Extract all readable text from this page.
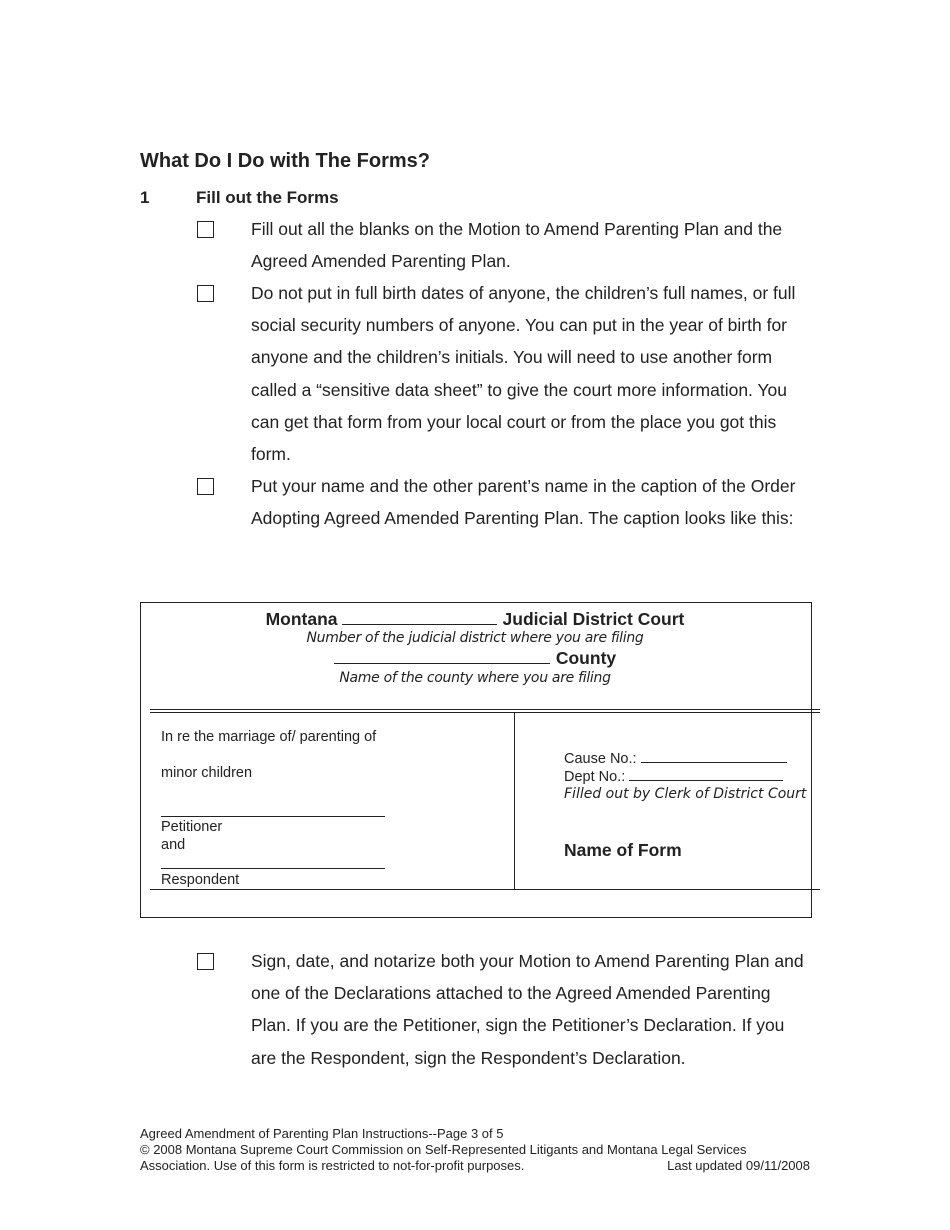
What Do I Do with The Forms?
1	Fill out the Forms
Fill out all the blanks on the Motion to Amend Parenting Plan and the Agreed Amended Parenting Plan.
Do not put in full birth dates of anyone, the children’s full names, or full social security numbers of anyone. You can put in the year of birth for anyone and the children’s initials. You will need to use another form called a “sensitive data sheet” to give the court more information. You can get that form from your local court or from the place you got this form.
Put your name and the other parent’s name in the caption of the Order Adopting Agreed Amended Parenting Plan. The caption looks like this:
Montana	Judicial District Court
Number of the judicial district where you are filing
County
Name of the county where you are filing
In re the marriage of/ parenting of
minor children
Petitioner
and
Respondent
Cause No.:
Dept No.:
Filled out by Clerk of District Court
Name of Form
Sign, date, and notarize both your Motion to Amend Parenting Plan and one of the Declarations attached to the Agreed Amended Parenting Plan. If you are the Petitioner, sign the Petitioner’s Declaration. If you are the Respondent, sign the Respondent’s Declaration.
Agreed Amendment of Parenting Plan Instructions--Page 3 of 5
© 2008 Montana Supreme Court Commission on Self-Represented Litigants and Montana Legal Services
Association. Use of this form is restricted to not-for-profit purposes.	Last updated 09/11/2008
